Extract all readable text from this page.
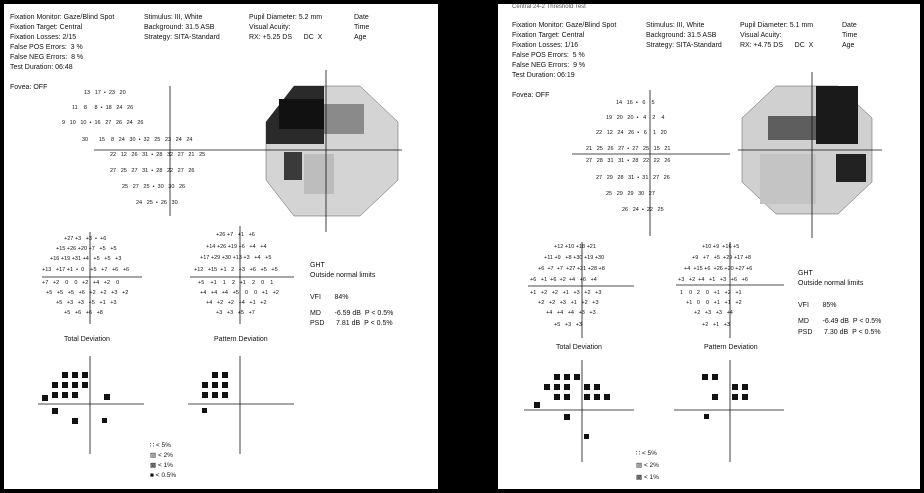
Fixation Monitor: Gaze/Blind Spot
Fixation Target: Central
Fixation Losses: 2/15
False POS Errors:  3 %
False NEG Errors:  8 %
Test Duration: 06:48
Fovea: OFF
Stimulus: III, White
Background: 31.5 ASB
Strategy: SITA-Standard
Pupil Diameter: 5.2 mm
Visual Acuity:
RX: +5.25 DS      DC  X
Date
Time
Age
13   17  •  23   20
11    8     8  •  18   24   26
9   10   10  •  16   27   26   24   26
30       15    8   24   30  •  32   25   23   24   24
22   12   26   31  •  28   32   27   21   25
27   25   27   31  •  28   22   27   26
25   27   25  •  30   30   26
24   25  •  26   30
+27 +3   +3  •  +6
+15 +26 +20 +7   +5   +5
+16 +19 +31 +4   +5   +5   +3
+13   +17 +1  •  0    +5   +7   +6   +6
+7   +2    0    0   +2   +4   +2    0
+5   +5   +5   +6   +2   +2   +3   +2
+5   +3   +3   +5   +1   +3
+5   +6   +6   +8
+26 +7   +1   +6
+14 +26 +19 +6   +4   +4
+17 +29 +30 +13 +3   +4   +5
+12   +15  +1   2   +3   +6   +5   +5
+5    +1    1    2   +1    2    0    1
+4   +4   +4   +5    0    0   +1   +2
+4   +2   +2   +4   +1   +2
+3   +3   +5   +7
GHT
Outside normal limits
VFI       84%
MD       -6.59 dB  P < 0.5%
PSD      7.81 dB  P < 0.5%
Total Deviation	Pattern Deviation
∷ < 5%
▨ < 2%
▩ < 1%
■ < 0.5%
Central 24-2 Threshold Test
Fixation Monitor: Gaze/Blind Spot
Fixation Target: Central
Fixation Losses: 1/16
False POS Errors:  5 %
False NEG Errors:  9 %
Test Duration: 06:19
Fovea: OFF
Stimulus: III, White
Background: 31.5 ASB
Strategy: SITA-Standard
Pupil Diameter: 5.1 mm
Visual Acuity:
RX: +4.75 DS      DC  X
Date
Time
Age
14   16  •   6    5
19   20   20  •   4    2    4
22   12   24   26  •   6    1   20
21   25   26   27  •  27   25   15   21
27   28   31   31  •  28   22   22   26
27   29   28   31  •  31   27   26
25   29   29   30   27
26   24  •  22   25
+12 +10 +18 +21
+11 +9   +8 +30 +19 +30
+6  +7  +7  +27 +21 +28 +8
+6   +1  +6  +2  +4   +6   +4
+1   +2   +2   +1   +3   +2   +3
+2   +2   +3   +1   +2   +3
+4   +4   +4   +3   +3
+5   +3   +3
+10 +9  +16 +5
+9   +7   +5  +29 +17 +8
+4  +15 +6  +26 +20 +27 +6
+3   +2  +4   +1   +3   +6   +6
1    0   2    0   +1   +2   +1
+1   0    0   +1   +1   +2
+2   +3   +3   +4
+2   +1   +3
GHT
Outside normal limits
VFI       85%
MD       -6.49 dB  P < 0.5%
PSD      7.30 dB  P < 0.5%
Total Deviation	Pattern Deviation
∷ < 5%
▨ < 2%
▩ < 1%
